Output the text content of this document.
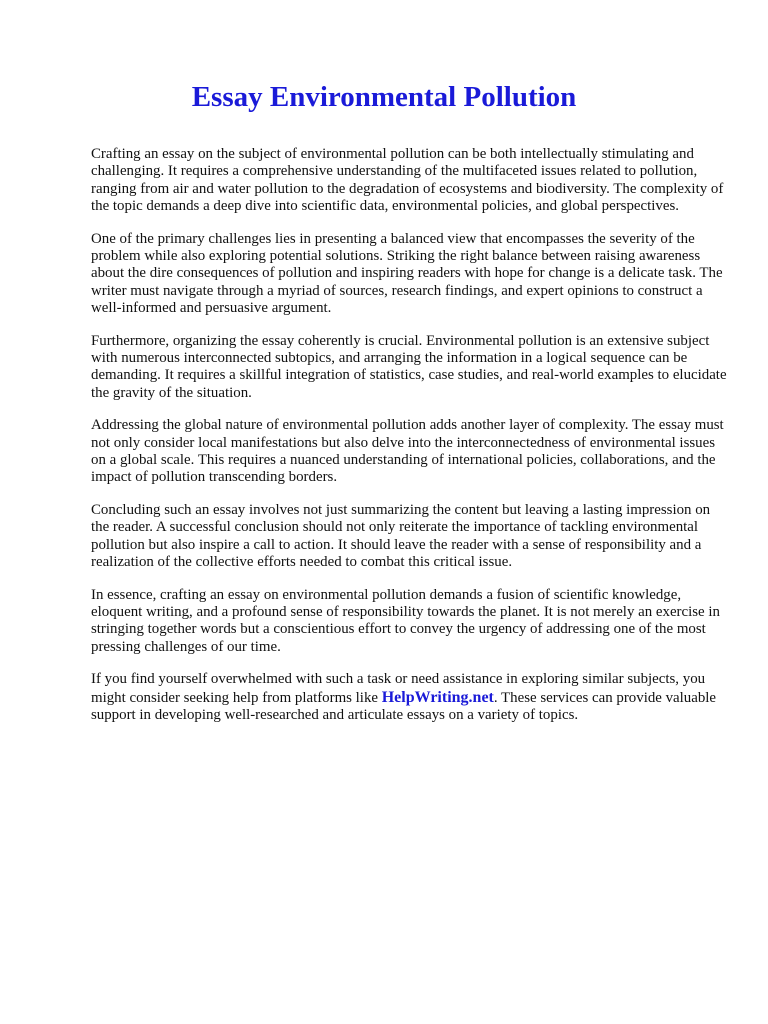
Essay Environmental Pollution

Crafting an essay on the subject of environmental pollution can be both intellectually stimulating and challenging. It requires a comprehensive understanding of the multifaceted issues related to pollution, ranging from air and water pollution to the degradation of ecosystems and biodiversity. The complexity of the topic demands a deep dive into scientific data, environmental policies, and global perspectives.

One of the primary challenges lies in presenting a balanced view that encompasses the severity of the problem while also exploring potential solutions. Striking the right balance between raising awareness about the dire consequences of pollution and inspiring readers with hope for change is a delicate task. The writer must navigate through a myriad of sources, research findings, and expert opinions to construct a well-informed and persuasive argument.

Furthermore, organizing the essay coherently is crucial. Environmental pollution is an extensive subject with numerous interconnected subtopics, and arranging the information in a logical sequence can be demanding. It requires a skillful integration of statistics, case studies, and real-world examples to elucidate the gravity of the situation.

Addressing the global nature of environmental pollution adds another layer of complexity. The essay must not only consider local manifestations but also delve into the interconnectedness of environmental issues on a global scale. This requires a nuanced understanding of international policies, collaborations, and the impact of pollution transcending borders.

Concluding such an essay involves not just summarizing the content but leaving a lasting impression on the reader. A successful conclusion should not only reiterate the importance of tackling environmental pollution but also inspire a call to action. It should leave the reader with a sense of responsibility and a realization of the collective efforts needed to combat this critical issue.

In essence, crafting an essay on environmental pollution demands a fusion of scientific knowledge, eloquent writing, and a profound sense of responsibility towards the planet. It is not merely an exercise in stringing together words but a conscientious effort to convey the urgency of addressing one of the most pressing challenges of our time.

If you find yourself overwhelmed with such a task or need assistance in exploring similar subjects, you might consider seeking help from platforms like HelpWriting.net. These services can provide valuable support in developing well-researched and articulate essays on a variety of topics.
